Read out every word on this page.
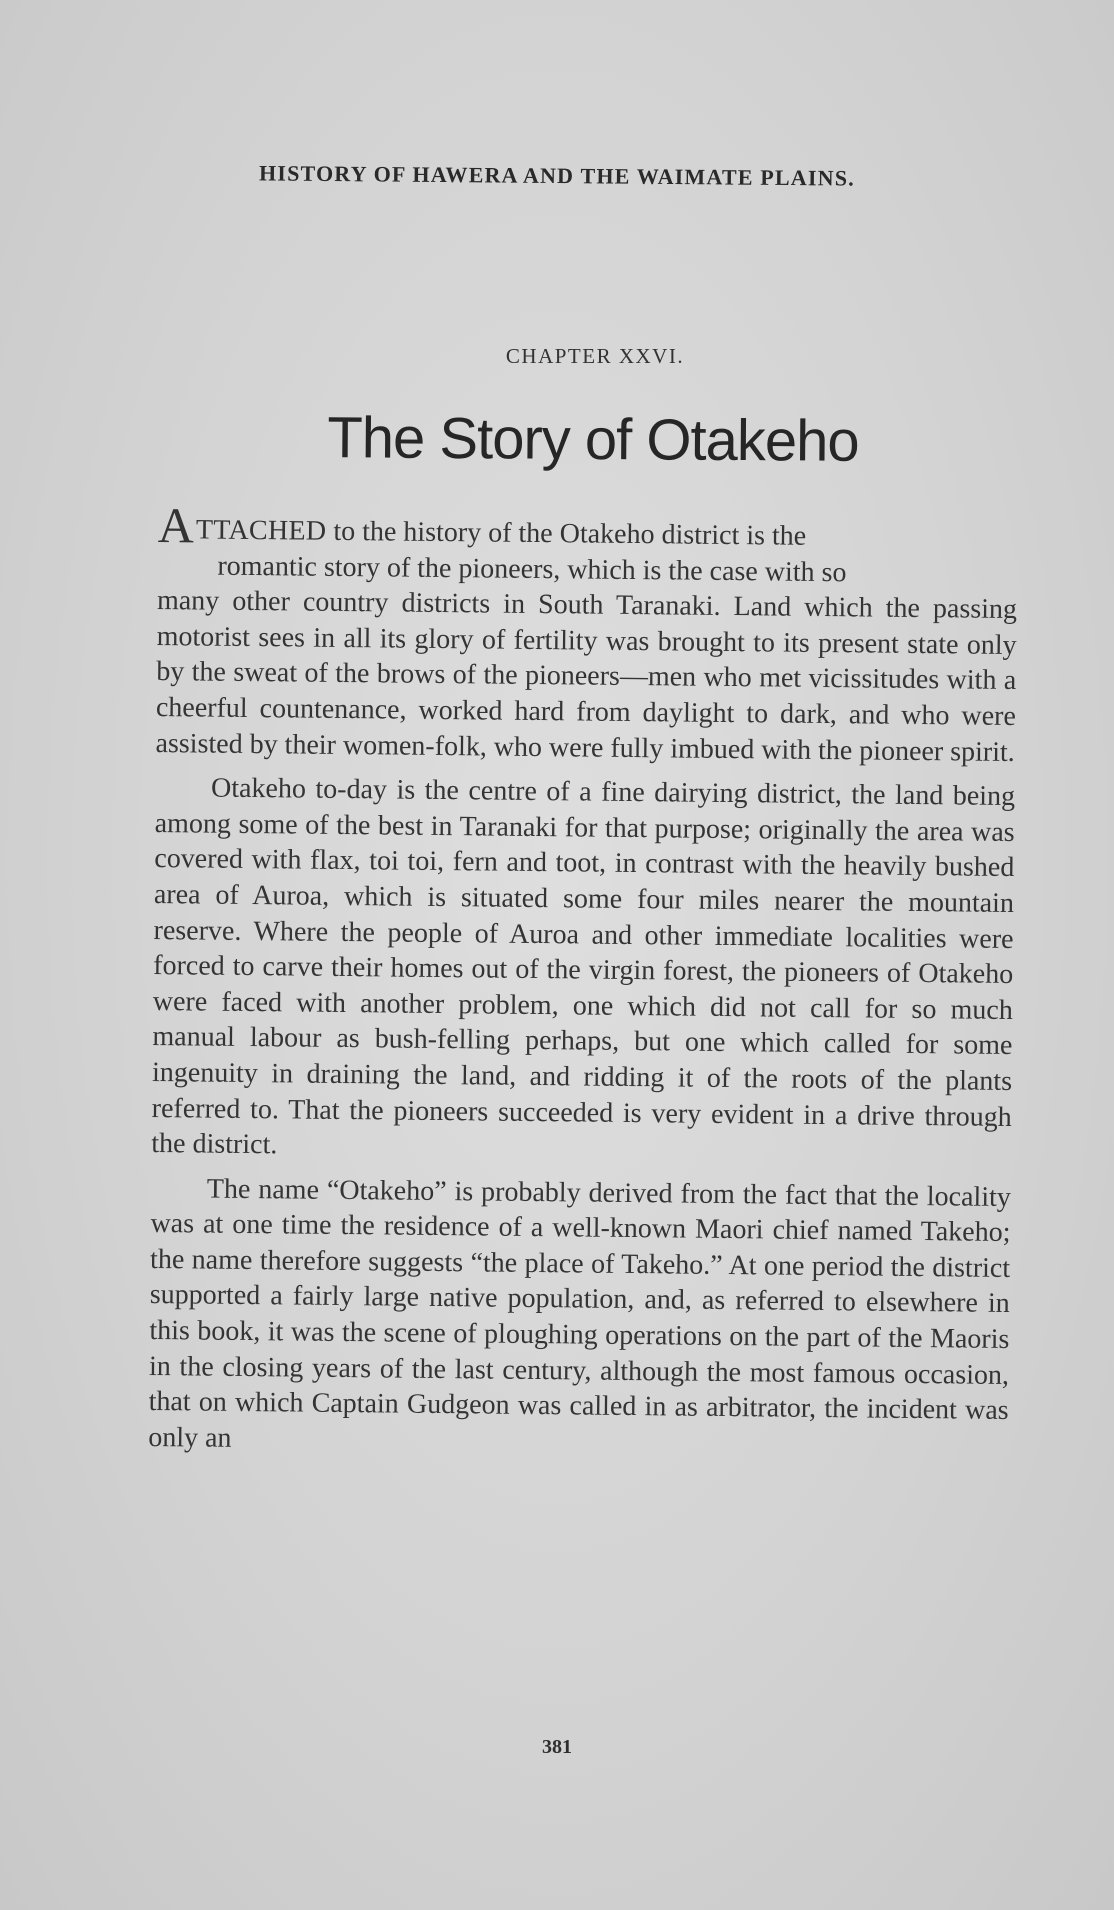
HISTORY OF HAWERA AND THE WAIMATE PLAINS.
CHAPTER XXVI.
The Story of Otakeho

ATTACHED to the history of the Otakeho district is the
romantic story of the pioneers, which is the case with so
many other country districts in South Taranaki. Land which the passing motorist sees in all its glory of fertility was brought to its present state only by the sweat of the brows of the pioneers—men who met vicissitudes with a cheerful countenance, worked hard from daylight to dark, and who were assisted by their women-folk, who were fully imbued with the pioneer spirit.

Otakeho to-day is the centre of a fine dairying district, the land being among some of the best in Taranaki for that purpose; originally the area was covered with flax, toi toi, fern and toot, in contrast with the heavily bushed area of Auroa, which is situated some four miles nearer the mountain reserve. Where the people of Auroa and other immediate localities were forced to carve their homes out of the virgin forest, the pioneers of Otakeho were faced with another problem, one which did not call for so much manual labour as bush-felling perhaps, but one which called for some ingenuity in draining the land, and ridding it of the roots of the plants referred to. That the pioneers succeeded is very evident in a drive through the district.

The name “Otakeho” is probably derived from the fact that the locality was at one time the residence of a well-known Maori chief named Takeho; the name therefore suggests “the place of Takeho.” At one period the district supported a fairly large native population, and, as referred to elsewhere in this book, it was the scene of ploughing operations on the part of the Maoris in the closing years of the last century, although the most famous occasion, that on which Captain Gudgeon was called in as arbitrator, the incident was only an

381
